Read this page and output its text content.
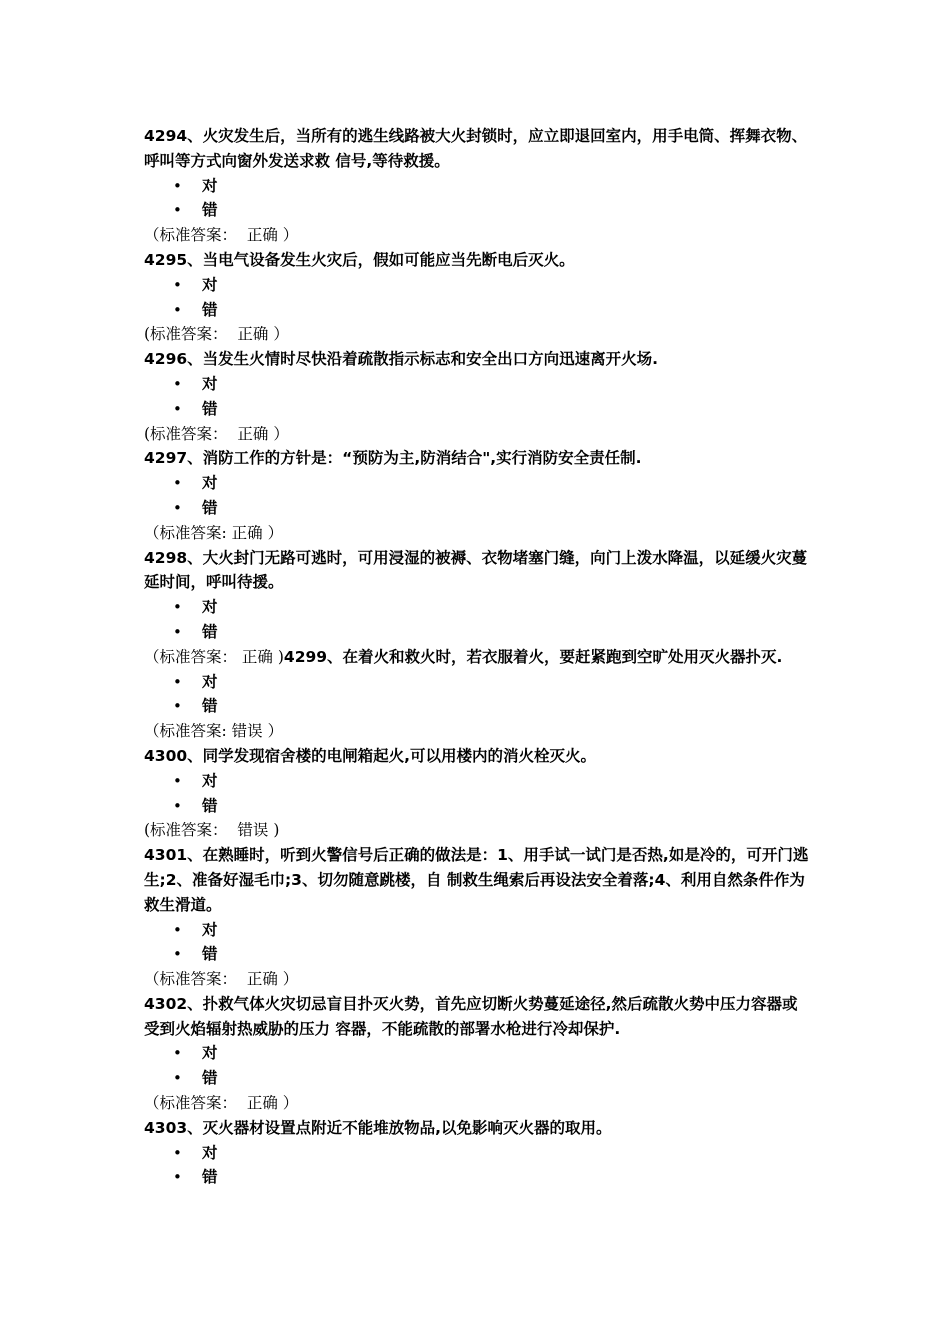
4294、火灾发生后，当所有的逃生线路被大火封锁时，应立即退回室内，用手电筒、挥舞衣物、呼叫等方式向窗外发送求救 信号,等待救援。

• 对
• 错

（标准答案：  正确 ）

4295、当电气设备发生火灾后，假如可能应当先断电后灭火。

• 对
• 错

(标准答案：  正确 ）

4296、当发生火情时尽快沿着疏散指示标志和安全出口方向迅速离开火场.

• 对
• 错

(标准答案：  正确 ）

4297、消防工作的方针是：“预防为主,防消结合",实行消防安全责任制.

• 对
• 错

（标准答案: 正确 ）

4298、大火封门无路可逃时，可用浸湿的被褥、衣物堵塞门缝，向门上泼水降温，以延缓火灾蔓延时间，呼叫待援。

• 对
• 错

（标准答案： 正确 )4299、在着火和救火时，若衣服着火，要赶紧跑到空旷处用灭火器扑灭.

• 对
• 错

（标准答案: 错误 ）

4300、同学发现宿舍楼的电闸箱起火,可以用楼内的消火栓灭火。

• 对
• 错

(标准答案：  错误 )

4301、在熟睡时，听到火警信号后正确的做法是：1、用手试一试门是否热,如是冷的，可开门逃生;2、准备好湿毛巾;3、切勿随意跳楼，自 制救生绳索后再设法安全着落;4、利用自然条件作为救生滑道。

• 对
• 错

（标准答案：  正确 ）

4302、扑救气体火灾切忌盲目扑灭火势，首先应切断火势蔓延途径,然后疏散火势中压力容器或受到火焰辐射热威胁的压力 容器，不能疏散的部署水枪进行冷却保护.

• 对
• 错

（标准答案：  正确 ）

4303、灭火器材设置点附近不能堆放物品,以免影响灭火器的取用。

• 对
• 错
